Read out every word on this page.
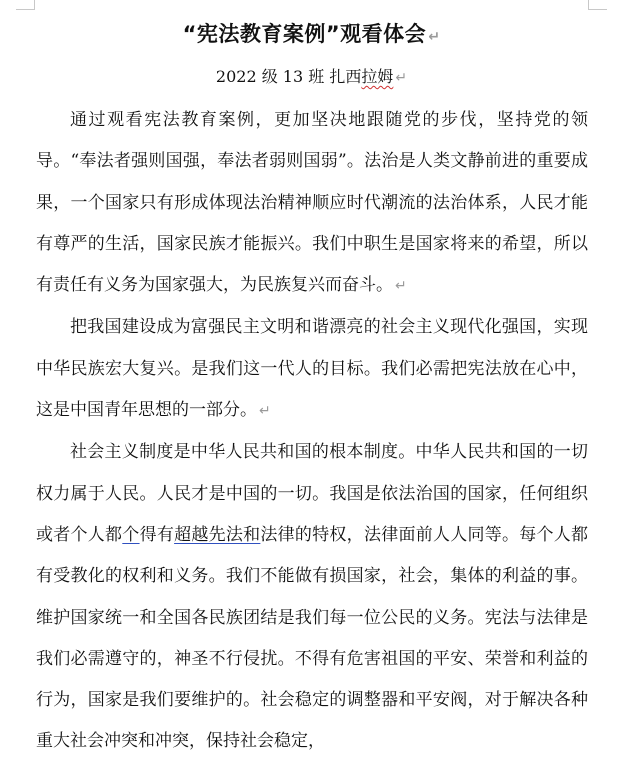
“宪法教育案例”观看体会 ↵
2022 级 13 班 扎西拉姆 ↵

通过观看宪法教育案例，更加坚决地跟随党的步伐，坚持党的领导。“奉法者强则国强，奉法者弱则国弱”。法治是人类文静前进的重要成果，一个国家只有形成体现法治精神顺应时代潮流的法治体系，人民才能有尊严的生活，国家民族才能振兴。我们中职生是国家将来的希望，所以有责任有义务为国家强大，为民族复兴而奋斗。 ↵

把我国建设成为富强民主文明和谐漂亮的社会主义现代化强国，实现中华民族宏大复兴。是我们这一代人的目标。我们必需把宪法放在心中，这是中国青年思想的一部分。 ↵

社会主义制度是中华人民共和国的根本制度。中华人民共和国的一切权力属于人民。人民才是中国的一切。我国是依法治国的国家，任何组织或者个人都个得有超越先法和法律的特权，法律面前人人同等。每个人都有受教化的权利和义务。我们不能做有损国家，社会，集体的利益的事。维护国家统一和全国各民族团结是我们每一位公民的义务。宪法与法律是我们必需遵守的，神圣不行侵扰。不得有危害祖国的平安、荣誉和利益的行为，国家是我们要维护的。社会稳定的调整器和平安阀，对于解决各种重大社会冲突和冲突，保持社会稳定，
